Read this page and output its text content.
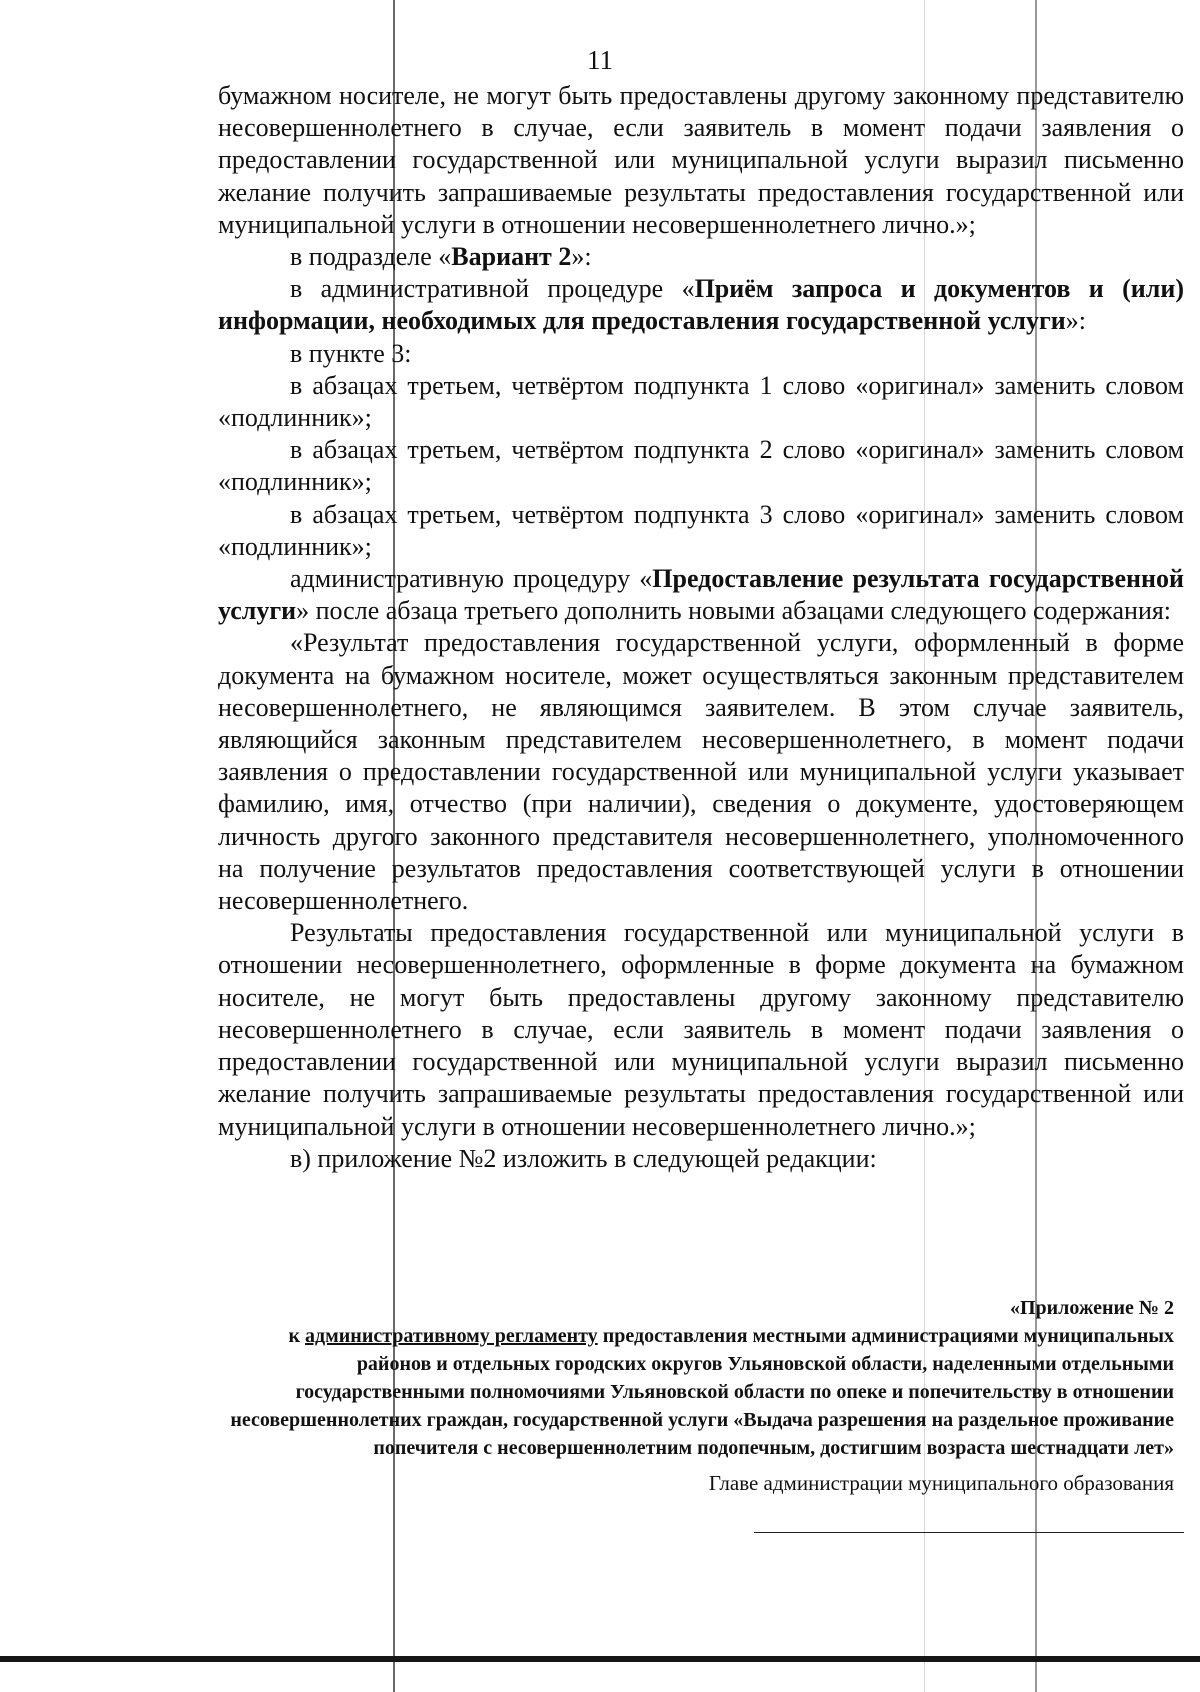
11

бумажном носителе, не могут быть предоставлены другому законному представителю несовершеннолетнего в случае, если заявитель в момент подачи заявления о предоставлении государственной или муниципальной услуги выразил письменно желание получить запрашиваемые результаты предоставления государственной или муниципальной услуги в отношении несовершеннолетнего лично.»;

в подразделе «Вариант 2»:

в административной процедуре «Приём запроса и документов и (или) информации, необходимых для предоставления государственной услуги»:

в пункте 3:

в абзацах третьем, четвёртом подпункта 1 слово «оригинал» заменить словом «подлинник»;

в абзацах третьем, четвёртом подпункта 2 слово «оригинал» заменить словом «подлинник»;

в абзацах третьем, четвёртом подпункта 3 слово «оригинал» заменить словом «подлинник»;

административную процедуру «Предоставление результата государственной услуги» после абзаца третьего дополнить новыми абзацами следующего содержания:

«Результат предоставления государственной услуги, оформленный в форме документа на бумажном носителе, может осуществляться законным представителем несовершеннолетнего, не являющимся заявителем. В этом случае заявитель, являющийся законным представителем несовершеннолетнего, в момент подачи заявления о предоставлении государственной или муниципальной услуги указывает фамилию, имя, отчество (при наличии), сведения о документе, удостоверяющем личность другого законного представителя несовершеннолетнего, уполномоченного на получение результатов предоставления соответствующей услуги в отношении несовершеннолетнего.

Результаты предоставления государственной или муниципальной услуги в отношении несовершеннолетнего, оформленные в форме документа на бумажном носителе, не могут быть предоставлены другому законному представителю несовершеннолетнего в случае, если заявитель в момент подачи заявления о предоставлении государственной или муниципальной услуги выразил письменно желание получить запрашиваемые результаты предоставления государственной или муниципальной услуги в отношении несовершеннолетнего лично.»;

в) приложение №2 изложить в следующей редакции:

«Приложение № 2
к административному регламенту предоставления местными администрациями муниципальных районов и отдельных городских округов Ульяновской области, наделенными отдельными государственными полномочиями Ульяновской области по опеке и попечительству в отношении несовершеннолетних граждан, государственной услуги «Выдача разрешения на раздельное проживание попечителя с несовершеннолетним подопечным, достигшим возраста шестнадцати лет»
Главе администрации муниципального образования
